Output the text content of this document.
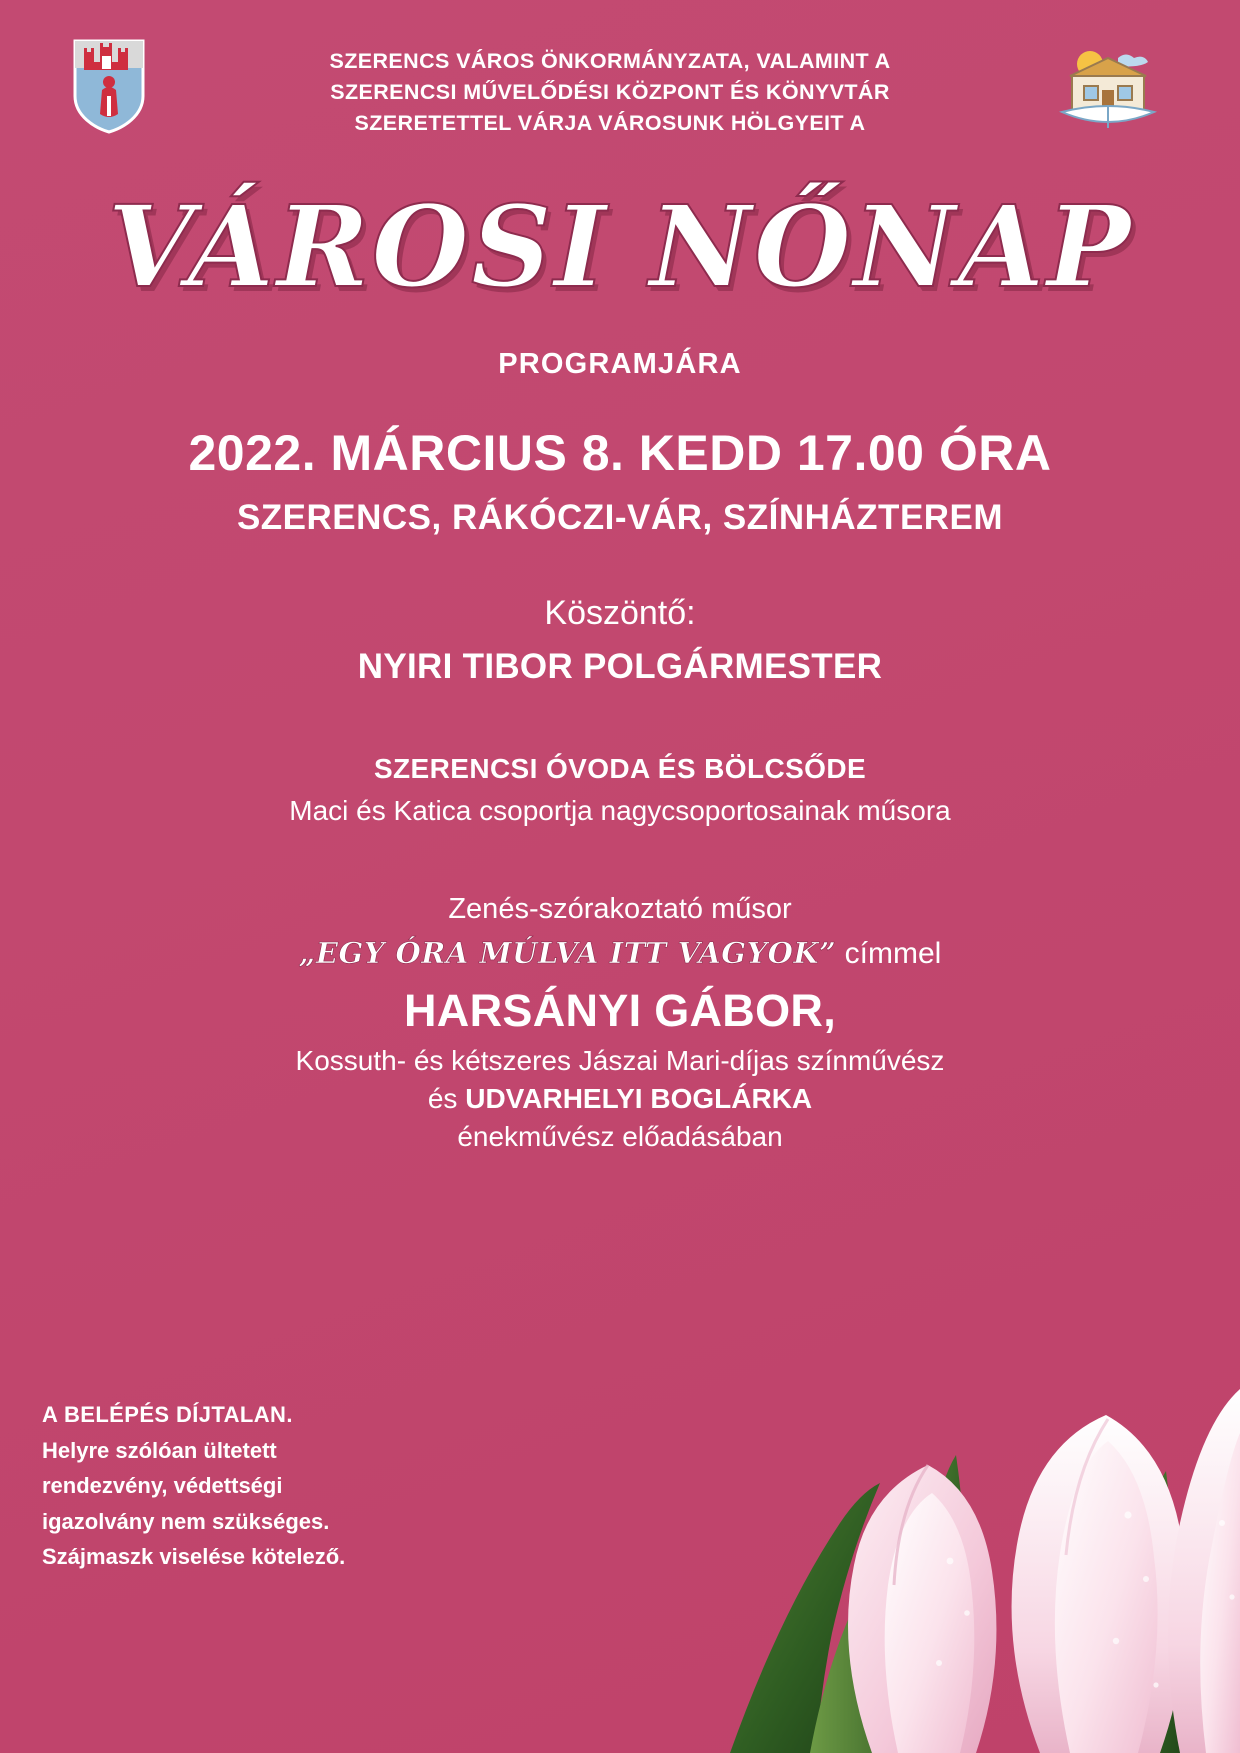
SZERENCS VÁROS ÖNKORMÁNYZATA, VALAMINT A
SZERENCSI MŰVELŐDÉSI KÖZPONT ÉS KÖNYVTÁR
SZERETETTEL VÁRJA VÁROSUNK HÖLGYEIT A
VÁROSI NŐNAP
PROGRAMJÁRA
2022. MÁRCIUS 8. KEDD 17.00 ÓRA
SZERENCS, RÁKÓCZI-VÁR, SZÍNHÁZTEREM
Köszöntő:
NYIRI TIBOR POLGÁRMESTER
SZERENCSI ÓVODA ÉS BÖLCSŐDE
Maci és Katica csoportja nagycsoportosainak műsora
Zenés-szórakoztató műsor
„EGY ÓRA MÚLVA ITT VAGYOK” címmel
HARSÁNYI GÁBOR,
Kossuth- és kétszeres Jászai Mari-díjas színművész
és UDVARHELYI BOGLÁRKA
énekművész előadásában
A BELÉPÉS DÍJTALAN.
Helyre szólóan ültetett
rendezvény, védettségi
igazolvány nem szükséges.
Szájmaszk viselése kötelező.
